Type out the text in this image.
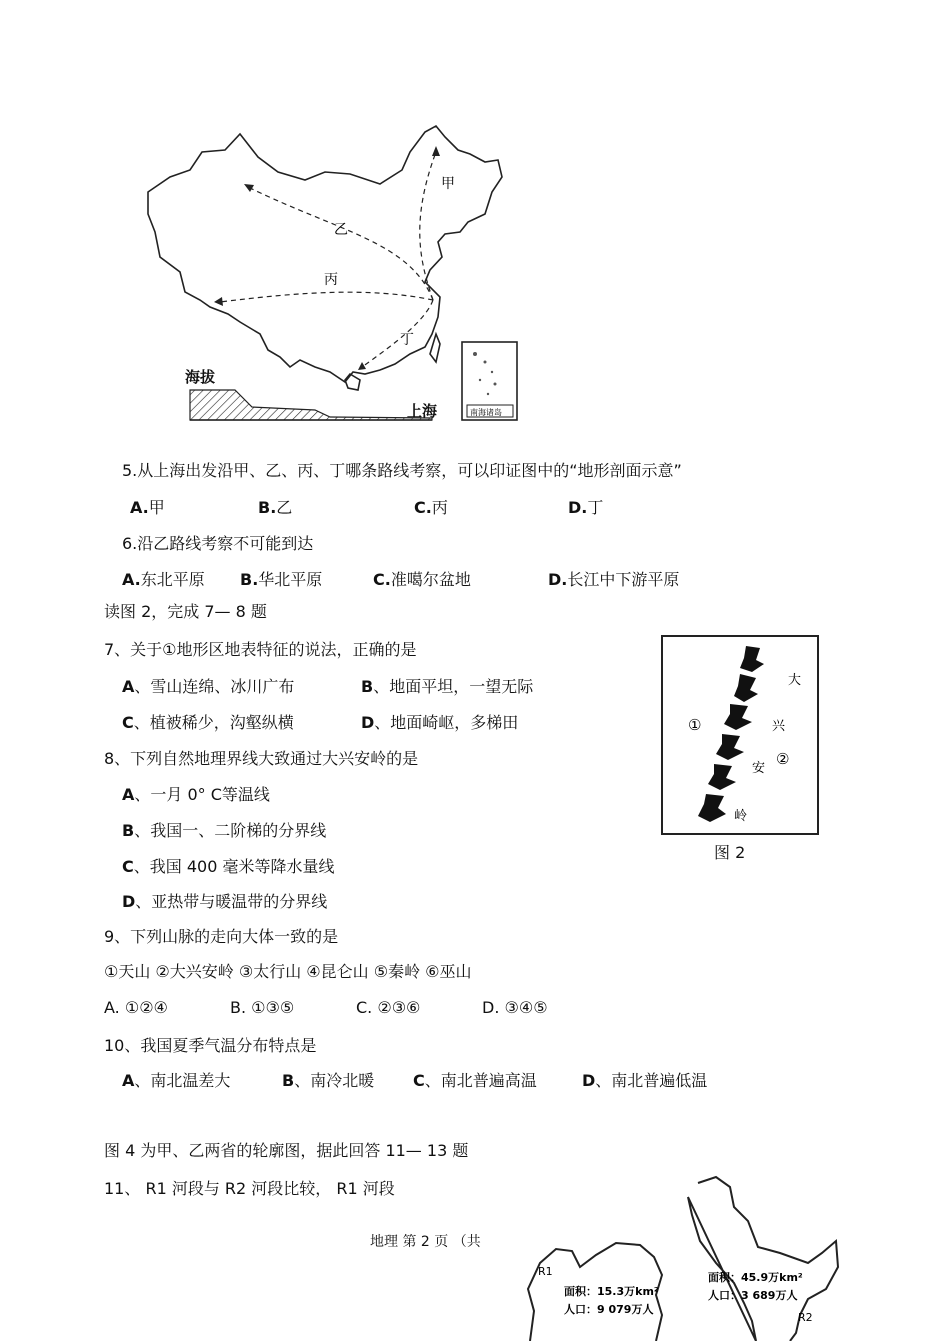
甲
乙
丙
丁
南海诸岛
海拔
上海
5.从上海出发沿甲、乙、丙、丁哪条路线考察，可以印证图中的“地形剖面示意”
A.甲	B.乙	C.丙	D.丁
6.沿乙路线考察不可能到达
A.东北平原 B.华北平原	C.准噶尔盆地	D.长江中下游平原
读图 2，完成 7— 8 题
7、关于①地形区地表特征的说法，正确的是
A、雪山连绵、冰川广布	B、地面平坦，一望无际
C、植被稀少，沟壑纵横	D、地面崎岖，多梯田
大
兴
安
岭
①
②
图 2
8、下列自然地理界线大致通过大兴安岭的是
A、一月 0° C等温线
B、我国一、二阶梯的分界线
C、我国 400 毫米等降水量线
D、亚热带与暖温带的分界线
9、下列山脉的走向大体一致的是
①天山 ②大兴安岭 ③太行山 ④昆仑山 ⑤秦岭 ⑥巫山
A. ①②④	B. ①③⑤	C. ②③⑥	D. ③④⑤
10、我国夏季气温分布特点是
A、南北温差大	B、南冷北暖 C、南北普遍高温	D、南北普遍低温
图 4 为甲、乙两省的轮廓图，据此回答 11— 13 题
11、 R1 河段与 R2 河段比较， R1 河段
地理 第 2 页 （共
R1
面积：15.3万km²
人口：9 079万人
面积：45.9万km²
人口：3 689万人
R2
